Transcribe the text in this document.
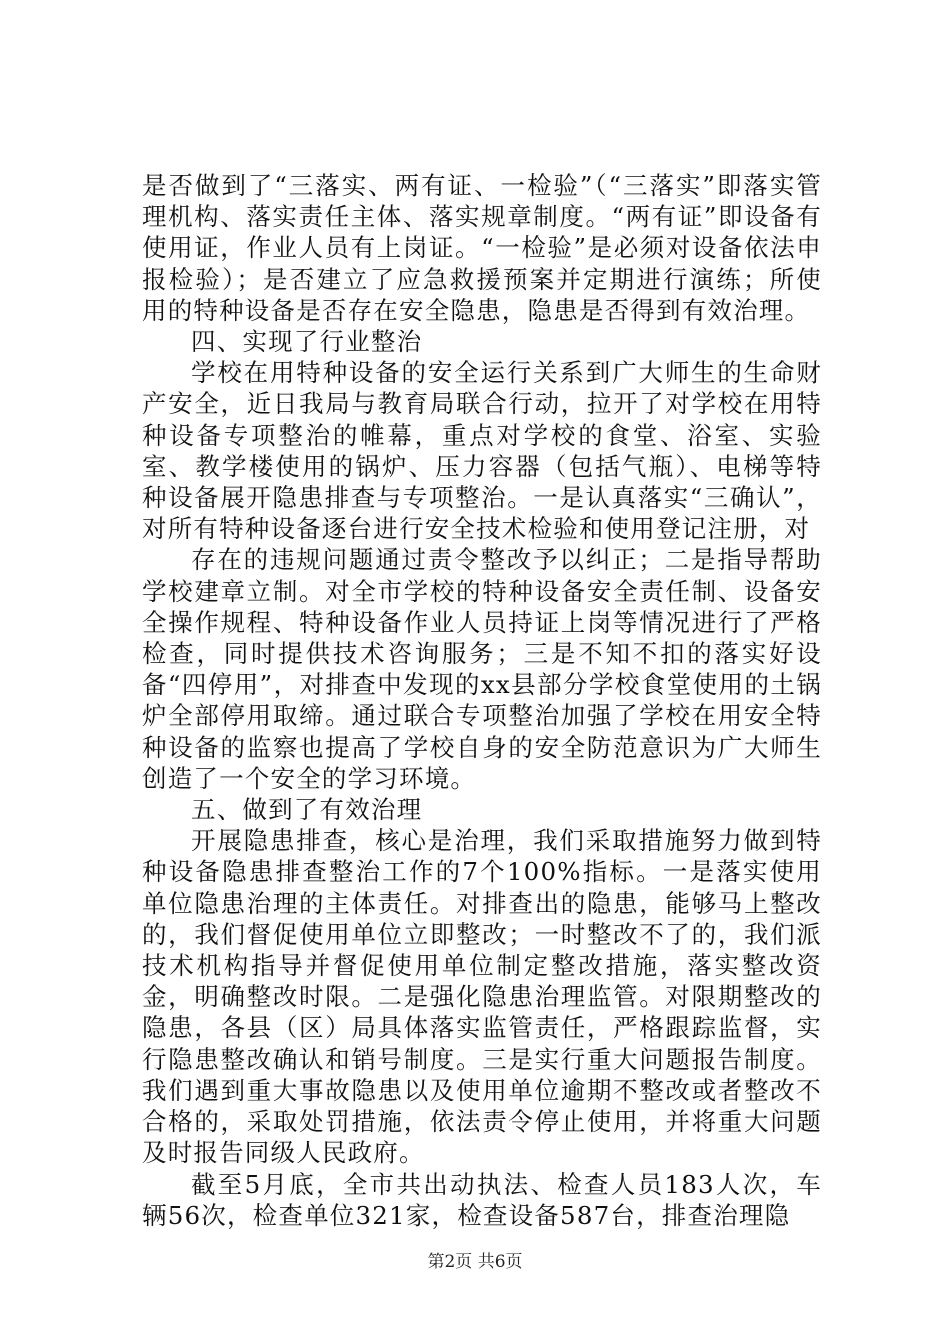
是否做到了“三落实、两有证、一检验”（“三落实”即落实管理机构、落实责任主体、落实规章制度。“两有证”即设备有使用证，作业人员有上岗证。“一检验”是必须对设备依法申报检验）；是否建立了应急救援预案并定期进行演练；所使用的特种设备是否存在安全隐患，隐患是否得到有效治理。

四、实现了行业整治

学校在用特种设备的安全运行关系到广大师生的生命财产安全，近日我局与教育局联合行动，拉开了对学校在用特种设备专项整治的帷幕，重点对学校的食堂、浴室、实验室、教学楼使用的锅炉、压力容器（包括气瓶）、电梯等特种设备展开隐患排查与专项整治。一是认真落实“三确认”，对所有特种设备逐台进行安全技术检验和使用登记注册，对

存在的违规问题通过责令整改予以纠正；二是指导帮助学校建章立制。对全市学校的特种设备安全责任制、设备安全操作规程、特种设备作业人员持证上岗等情况进行了严格检查，同时提供技术咨询服务；三是不知不扣的落实好设备“四停用”，对排查中发现的xx县部分学校食堂使用的土锅炉全部停用取缔。通过联合专项整治加强了学校在用安全特种设备的监察也提高了学校自身的安全防范意识为广大师生创造了一个安全的学习环境。

五、做到了有效治理

开展隐患排查，核心是治理，我们采取措施努力做到特种设备隐患排查整治工作的7个100%指标。一是落实使用单位隐患治理的主体责任。对排查出的隐患，能够马上整改的，我们督促使用单位立即整改；一时整改不了的，我们派技术机构指导并督促使用单位制定整改措施，落实整改资金，明确整改时限。二是强化隐患治理监管。对限期整改的隐患，各县（区）局具体落实监管责任，严格跟踪监督，实行隐患整改确认和销号制度。三是实行重大问题报告制度。我们遇到重大事故隐患以及使用单位逾期不整改或者整改不合格的，采取处罚措施，依法责令停止使用，并将重大问题及时报告同级人民政府。

截至5月底，全市共出动执法、检查人员183人次，车辆56次，检查单位321家，检查设备587台，排查治理隐

第2页 共6页
